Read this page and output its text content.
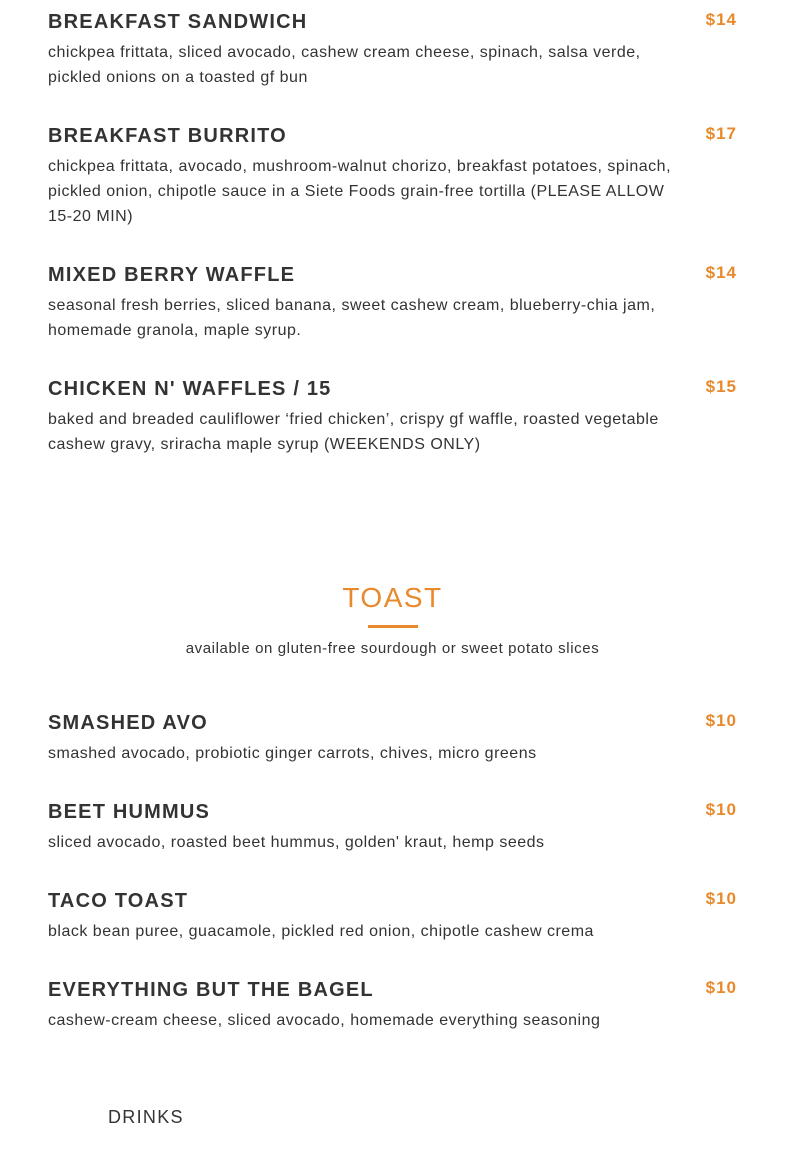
BREAKFAST SANDWICH	$14
chickpea frittata, sliced avocado, cashew cream cheese, spinach, salsa verde, pickled onions on a toasted gf bun
BREAKFAST BURRITO	$17
chickpea frittata, avocado, mushroom-walnut chorizo, breakfast potatoes, spinach, pickled onion, chipotle sauce in a Siete Foods grain-free tortilla (PLEASE ALLOW 15-20 MIN)
MIXED BERRY WAFFLE	$14
seasonal fresh berries, sliced banana, sweet cashew cream, blueberry-chia jam, homemade granola, maple syrup.
CHICKEN N' WAFFLES / 15	$15
baked and breaded cauliflower ‘fried chicken’, crispy gf waffle, roasted vegetable cashew gravy, sriracha maple syrup (WEEKENDS ONLY)
TOAST
available on gluten-free sourdough or sweet potato slices
SMASHED AVO	$10
smashed avocado, probiotic ginger carrots, chives, micro greens
BEET HUMMUS	$10
sliced avocado, roasted beet hummus, golden' kraut, hemp seeds
TACO TOAST	$10
black bean puree, guacamole, pickled red onion, chipotle cashew crema
EVERYTHING BUT THE BAGEL	$10
cashew-cream cheese, sliced avocado, homemade everything seasoning
DRINKS
